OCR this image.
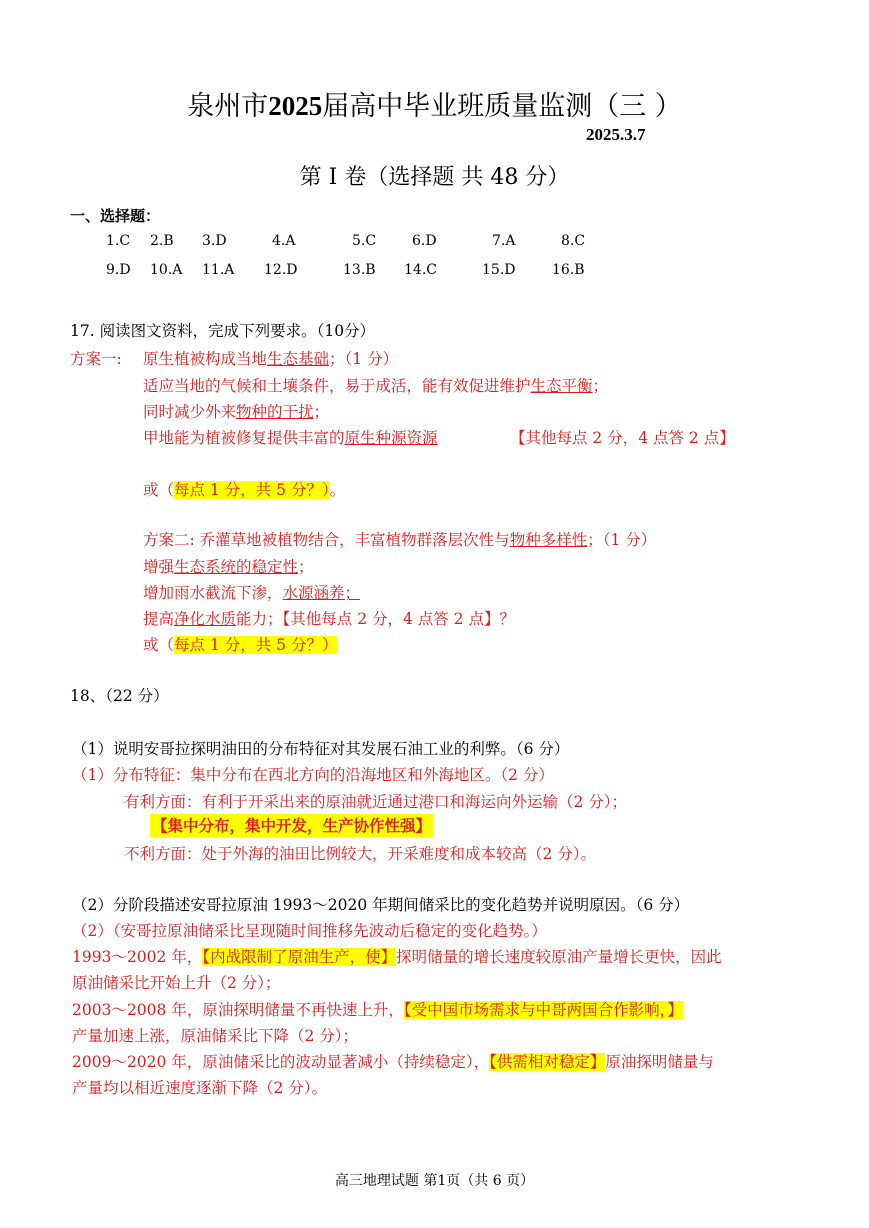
泉州市2025届高中毕业班质量监测（三 ）
2025.3.7
第 I 卷（选择题 共 48 分）
一、选择题：
1.C 2.B 3.D	4.A	5.C	6.D	7.A	8.C
9.D 10.A 11.A 12.D	13.B 14.C	15.D	16.B
17. 阅读图文资料，完成下列要求。（10分）
方案一: 原生植被构成当地生态基础；（1 分）
适应当地的气候和土壤条件，易于成活，能有效促进维护生态平衡；
同时减少外来物种的干扰；
甲地能为植被修复提供丰富的原生种源资源	【其他每点 2 分，4 点答 2 点】
或（每点 1 分，共 5 分？）。
方案二: 乔灌草地被植物结合，丰富植物群落层次性与物种多样性；（1 分）
增强生态系统的稳定性；
增加雨水截流下渗，水源涵养；
提高净化水质能力；【其他每点 2 分，4 点答 2 点】？
或（每点 1 分，共 5 分？）
18、（22 分）
（1）说明安哥拉探明油田的分布特征对其发展石油工业的利弊。（6 分）
（1）分布特征：集中分布在西北方向的沿海地区和外海地区。（2 分）
有利方面：有利于开采出来的原油就近通过港口和海运向外运输（2 分）；
【集中分布，集中开发，生产协作性强】
不利方面：处于外海的油田比例较大，开采难度和成本较高（2 分）。
（2）分阶段描述安哥拉原油 1993～2020 年期间储采比的变化趋势并说明原因。（6 分）
（2）（安哥拉原油储采比呈现随时间推移先波动后稳定的变化趋势。）
1993～2002 年，【内战限制了原油生产，使】探明储量的增长速度较原油产量增长更快，因此
原油储采比开始上升（2 分）；
2003～2008 年，原油探明储量不再快速上升，【受中国市场需求与中哥两国合作影响，】
产量加速上涨，原油储采比下降（2 分）；
2009～2020 年，原油储采比的波动显著减小（持续稳定），【供需相对稳定】原油探明储量与
产量均以相近速度逐渐下降（2 分）。
高三地理试题 第1页（共 6 页）
